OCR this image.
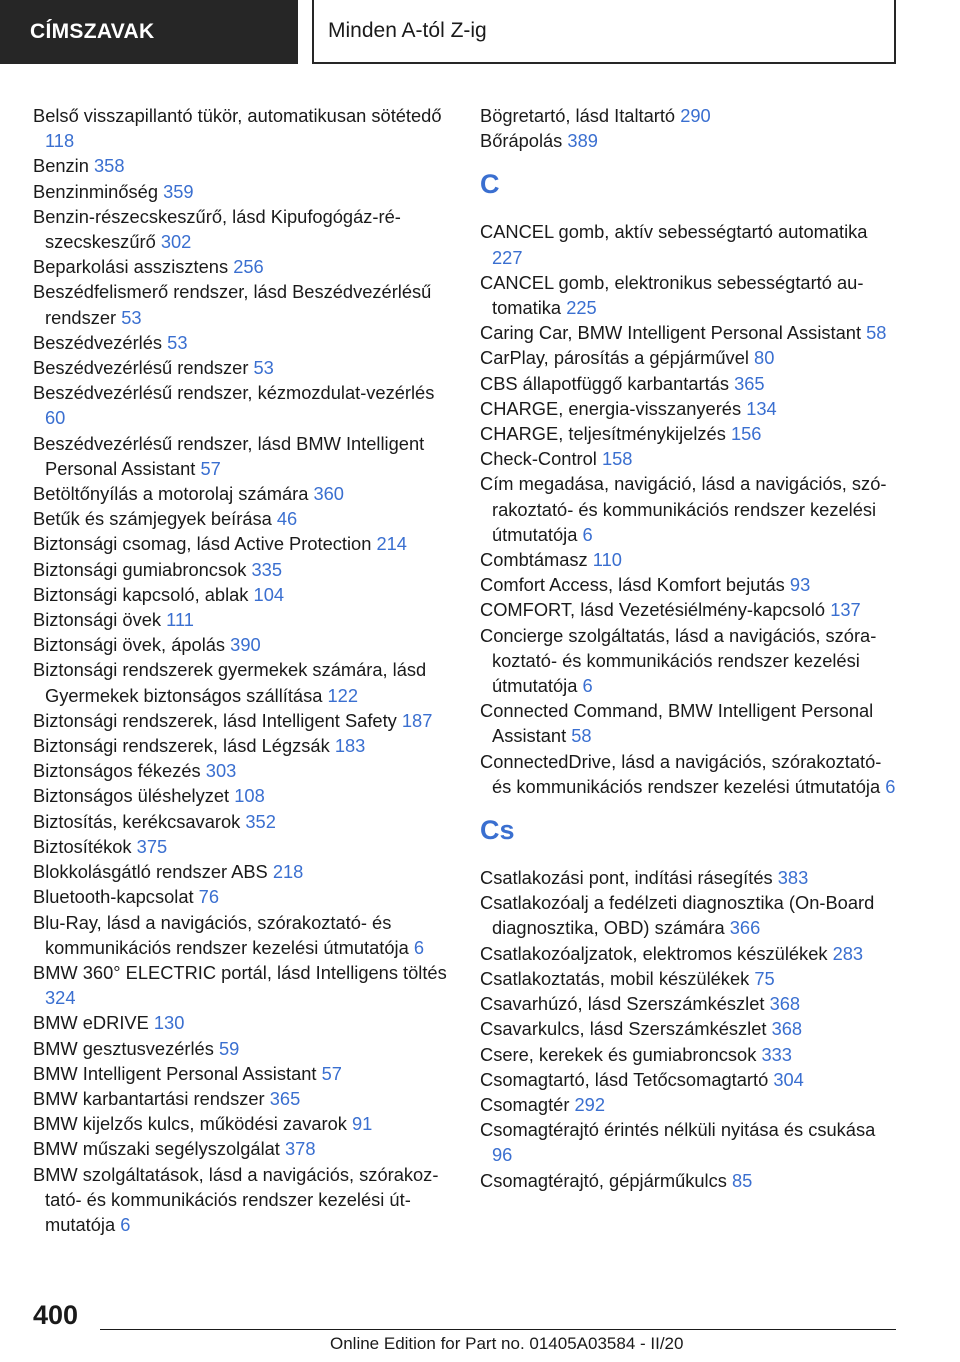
CÍMSZAVAK	Minden A-tól Z-ig
Belső visszapillantó tükör, automatikusan sötétedő 118
Benzin 358
Benzinminőség 359
Benzin-részecskeszűrő, lásd Kipufogógáz-részecskeszűrő 302
Beparkolási asszisztens 256
Beszédfelismerő rendszer, lásd Beszédvezérlésű rendszer 53
Beszédvezérlés 53
Beszédvezérlésű rendszer 53
Beszédvezérlésű rendszer, kézmozdulat-vezérlés 60
Beszédvezérlésű rendszer, lásd BMW Intelligent Personal Assistant 57
Betöltőnyílás a motorolaj számára 360
Betűk és számjegyek beírása 46
Biztonsági csomag, lásd Active Protection 214
Biztonsági gumiabroncsok 335
Biztonsági kapcsoló, ablak 104
Biztonsági övek 111
Biztonsági övek, ápolás 390
Biztonsági rendszerek gyermekek számára, lásd Gyermekek biztonságos szállítása 122
Biztonsági rendszerek, lásd Intelligent Safety 187
Biztonsági rendszerek, lásd Légzsák 183
Biztonságos fékezés 303
Biztonságos üléshelyzet 108
Biztosítás, kerékcsavarok 352
Biztosítékok 375
Blokkolásgátló rendszer ABS 218
Bluetooth-kapcsolat 76
Blu-Ray, lásd a navigációs, szórakoztató- és kommunikációs rendszer kezelési útmutatója 6
BMW 360° ELECTRIC portál, lásd Intelligens töltés 324
BMW eDRIVE 130
BMW gesztusvezérlés 59
BMW Intelligent Personal Assistant 57
BMW karbantartási rendszer 365
BMW kijelzős kulcs, működési zavarok 91
BMW műszaki segélyszolgálat 378
BMW szolgáltatások, lásd a navigációs, szórakoztató- és kommunikációs rendszer kezelési útmutatója 6
Bögretartó, lásd Italtartó 290
Bőrápolás 389
C
CANCEL gomb, aktív sebességtartó automatika 227
CANCEL gomb, elektronikus sebességtartó automatika 225
Caring Car, BMW Intelligent Personal Assistant 58
CarPlay, párosítás a gépjárművel 80
CBS állapotfüggő karbantartás 365
CHARGE, energia-visszanyerés 134
CHARGE, teljesítménykijelzés 156
Check-Control 158
Cím megadása, navigáció, lásd a navigációs, szórakoztató- és kommunikációs rendszer kezelési útmutatója 6
Combtámasz 110
Comfort Access, lásd Komfort bejutás 93
COMFORT, lásd Vezetésiélmény-kapcsoló 137
Concierge szolgáltatás, lásd a navigációs, szórakoztató- és kommunikációs rendszer kezelési útmutatója 6
Connected Command, BMW Intelligent Personal Assistant 58
ConnectedDrive, lásd a navigációs, szórakoztató- és kommunikációs rendszer kezelési útmutatója 6
Cs
Csatlakozási pont, indítási rásegítés 383
Csatlakozóalj a fedélzeti diagnosztika (On-Board diagnosztika, OBD) számára 366
Csatlakozóaljzatok, elektromos készülékek 283
Csatlakoztatás, mobil készülékek 75
Csavarhúzó, lásd Szerszámkészlet 368
Csavarkulcs, lásd Szerszámkészlet 368
Csere, kerekek és gumiabroncsok 333
Csomagtartó, lásd Tetőcsomagtartó 304
Csomagtér 292
Csomagtérajtó érintés nélküli nyitása és csukása 96
Csomagtérajtó, gépjárműkulcs 85
400
Online Edition for Part no. 01405A03584 - II/20
